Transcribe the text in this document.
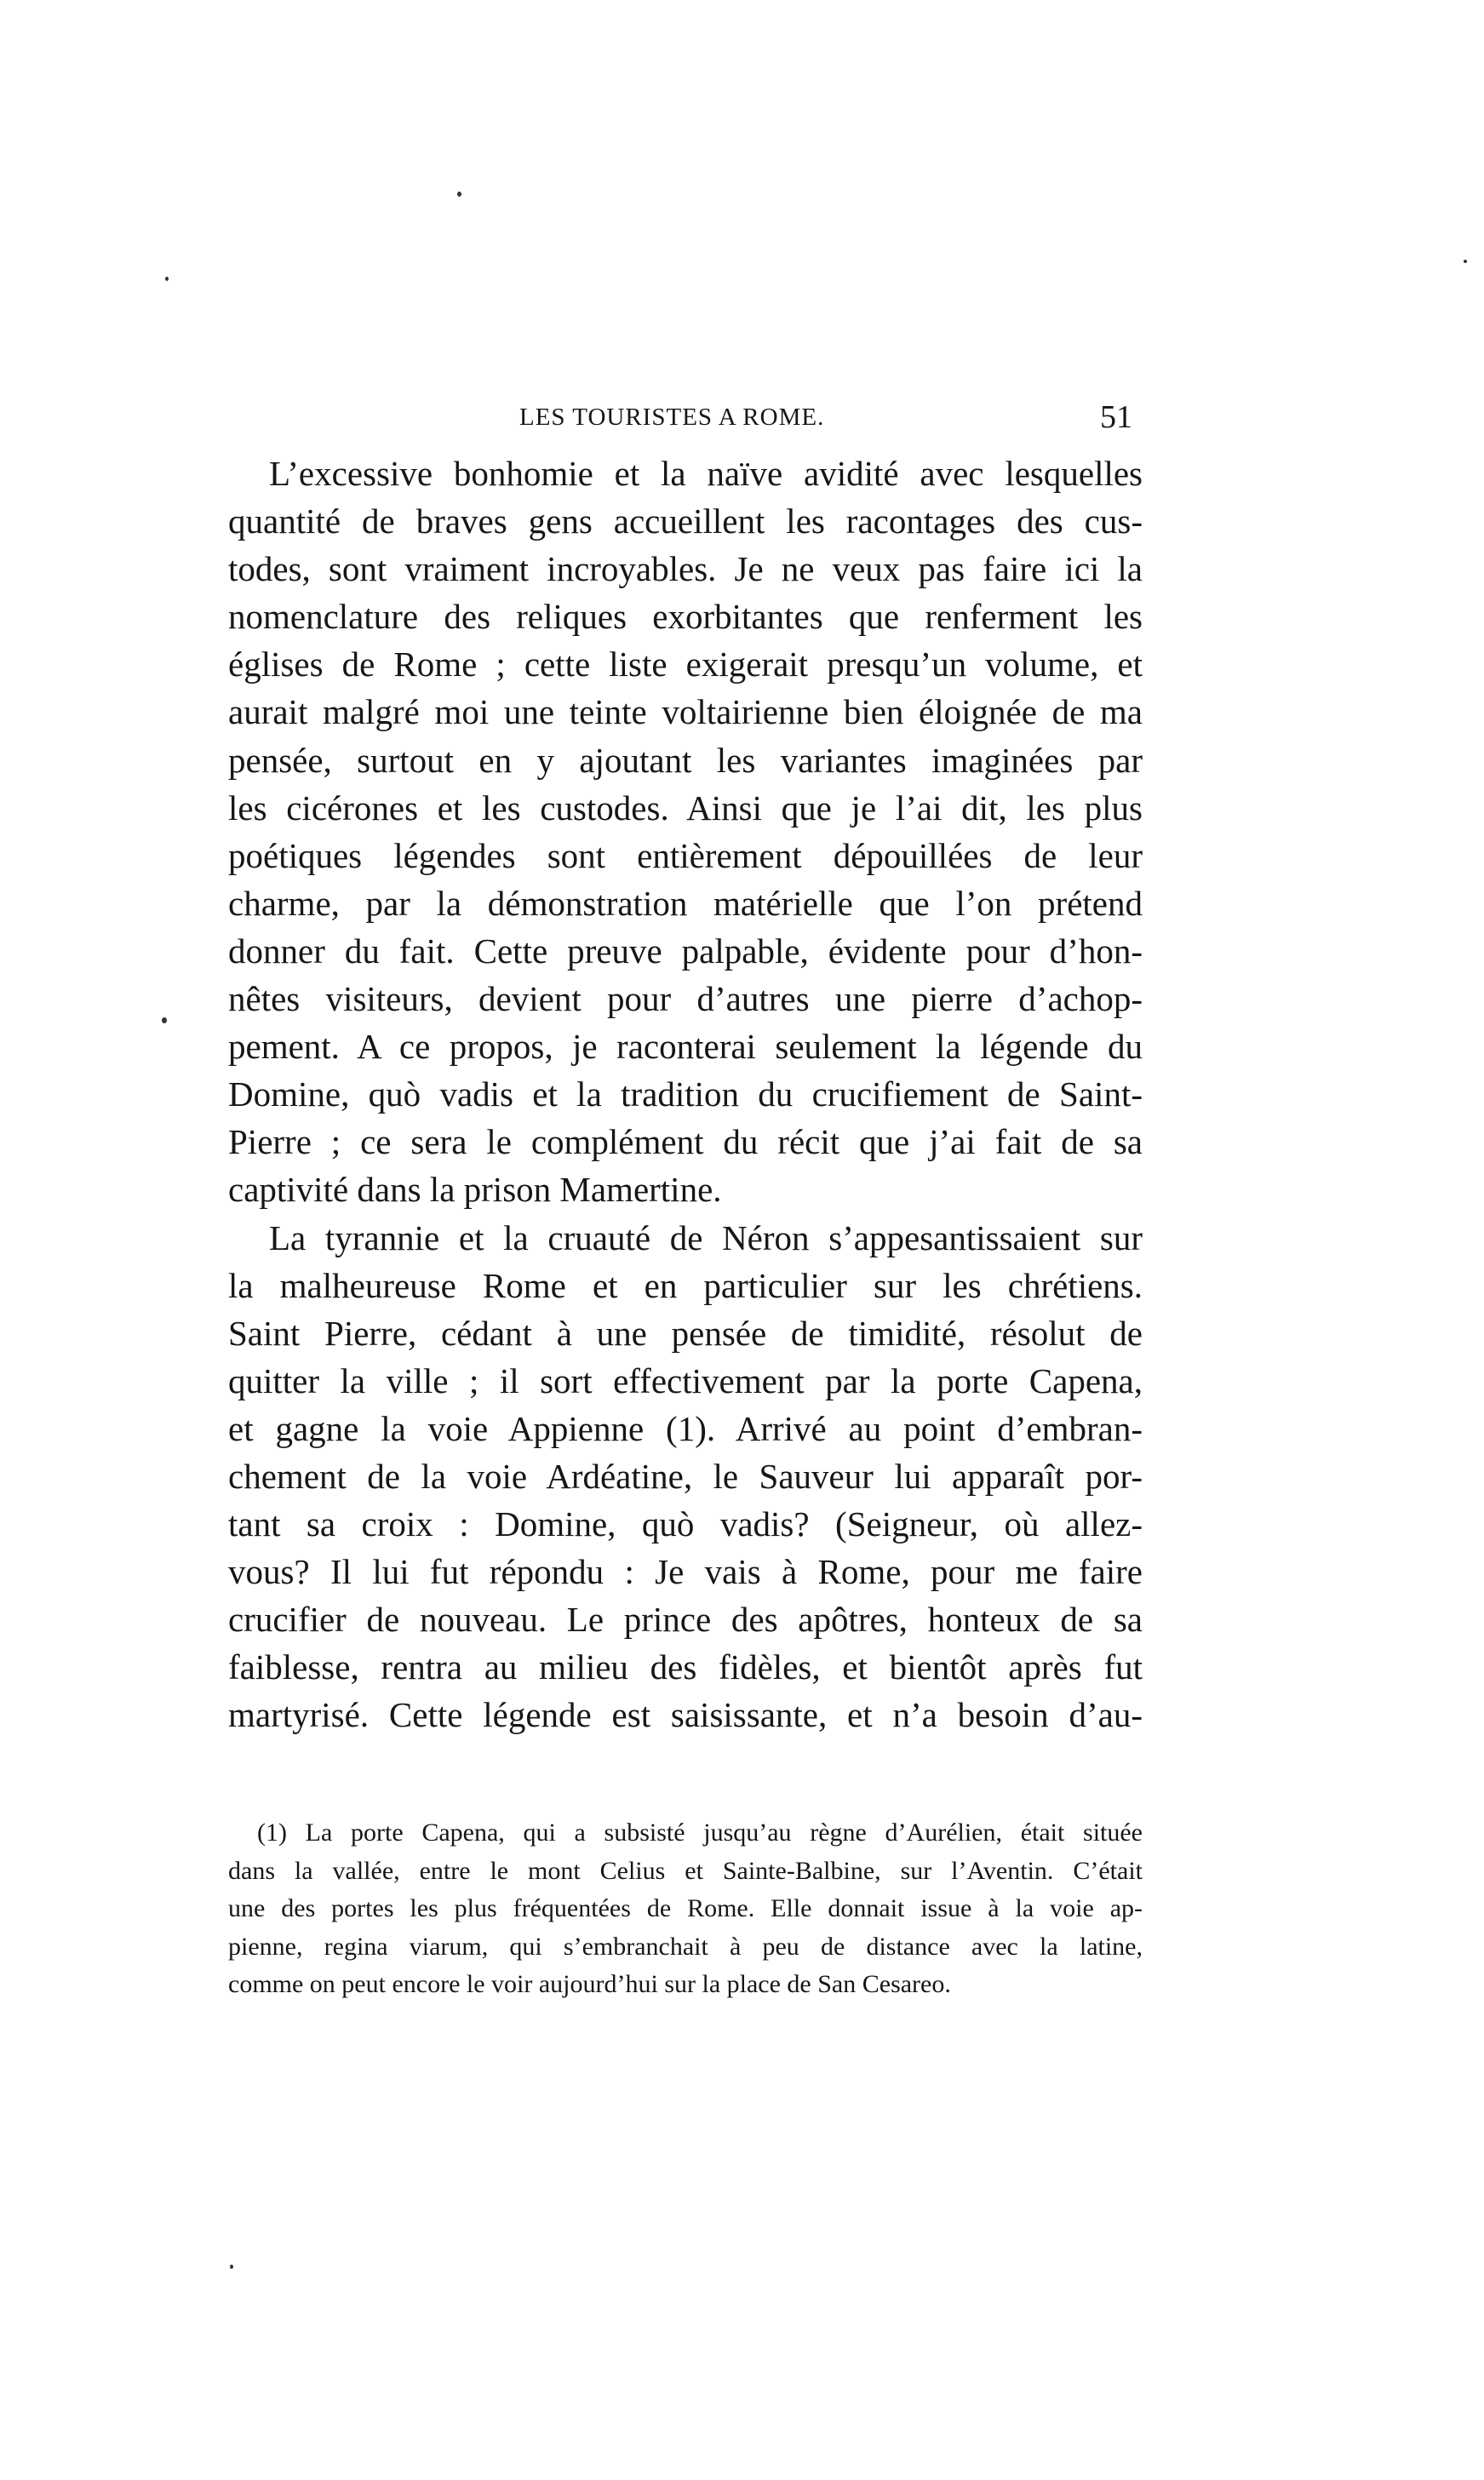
LES TOURISTES A ROME.	51
L’excessive bonhomie et la naïve avidité avec lesquelles
quantité de braves gens accueillent les racontages des cus-
todes, sont vraiment incroyables. Je ne veux pas faire ici la
nomenclature des reliques exorbitantes que renferment les
églises de Rome ; cette liste exigerait presqu’un volume, et
aurait malgré moi une teinte voltairienne bien éloignée de ma
pensée, surtout en y ajoutant les variantes imaginées par
les cicérones et les custodes. Ainsi que je l’ai dit, les plus
poétiques légendes sont entièrement dépouillées de leur
charme, par la démonstration matérielle que l’on prétend
donner du fait. Cette preuve palpable, évidente pour d’hon-
nêtes visiteurs, devient pour d’autres une pierre d’achop-
pement. A ce propos, je raconterai seulement la légende du
Domine, quò vadis et la tradition du crucifiement de Saint-
Pierre ; ce sera le complément du récit que j’ai fait de sa
captivité dans la prison Mamertine.
La tyrannie et la cruauté de Néron s’appesantissaient sur
la malheureuse Rome et en particulier sur les chrétiens.
Saint Pierre, cédant à une pensée de timidité, résolut de
quitter la ville ; il sort effectivement par la porte Capena,
et gagne la voie Appienne (1). Arrivé au point d’embran-
chement de la voie Ardéatine, le Sauveur lui apparaît por-
tant sa croix : Domine, quò vadis? (Seigneur, où allez-
vous? Il lui fut répondu : Je vais à Rome, pour me faire
crucifier de nouveau. Le prince des apôtres, honteux de sa
faiblesse, rentra au milieu des fidèles, et bientôt après fut
martyrisé. Cette légende est saisissante, et n’a besoin d’au-
(1) La porte Capena, qui a subsisté jusqu’au règne d’Aurélien, était située
dans la vallée, entre le mont Celius et Sainte-Balbine, sur l’Aventin. C’était
une des portes les plus fréquentées de Rome. Elle donnait issue à la voie ap-
pienne, regina viarum, qui s’embranchait à peu de distance avec la latine,
comme on peut encore le voir aujourd’hui sur la place de San Cesareo.
